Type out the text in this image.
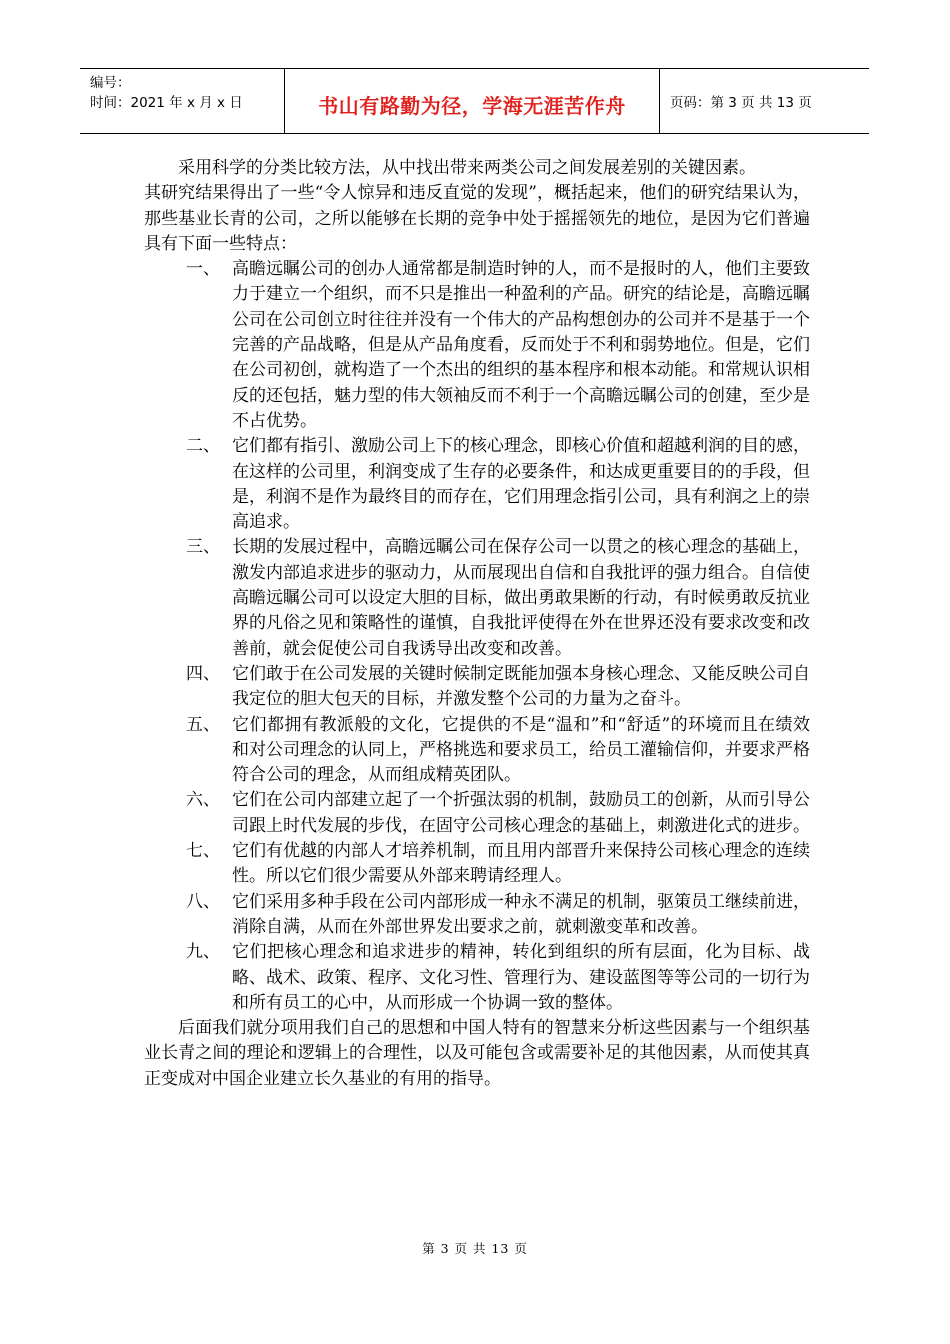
编号：
时间：2021 年 x 月 x 日	书山有路勤为径，学海无涯苦作舟	页码：第 3 页 共 13 页

采用科学的分类比较方法，从中找出带来两类公司之间发展差别的关键因素。

其研究结果得出了一些“令人惊异和违反直觉的发现”，概括起来，他们的研究结果认为，那些基业长青的公司，之所以能够在长期的竞争中处于摇摇领先的地位，是因为它们普遍具有下面一些特点：

一、 高瞻远瞩公司的创办人通常都是制造时钟的人，而不是报时的人，他们主要致力于建立一个组织，而不只是推出一种盈利的产品。研究的结论是，高瞻远瞩公司在公司创立时往往并没有一个伟大的产品构想创办的公司并不是基于一个完善的产品战略，但是从产品角度看，反而处于不利和弱势地位。但是，它们在公司初创，就构造了一个杰出的组织的基本程序和根本动能。和常规认识相反的还包括，魅力型的伟大领袖反而不利于一个高瞻远瞩公司的创建，至少是不占优势。
二、 它们都有指引、激励公司上下的核心理念，即核心价值和超越利润的目的感，在这样的公司里，利润变成了生存的必要条件，和达成更重要目的的手段，但是，利润不是作为最终目的而存在，它们用理念指引公司，具有利润之上的崇高追求。
三、 长期的发展过程中，高瞻远瞩公司在保存公司一以贯之的核心理念的基础上，激发内部追求进步的驱动力，从而展现出自信和自我批评的强力组合。自信使高瞻远瞩公司可以设定大胆的目标，做出勇敢果断的行动，有时候勇敢反抗业界的凡俗之见和策略性的谨慎，自我批评使得在外在世界还没有要求改变和改善前，就会促使公司自我诱导出改变和改善。
四、 它们敢于在公司发展的关键时候制定既能加强本身核心理念、又能反映公司自我定位的胆大包天的目标，并激发整个公司的力量为之奋斗。
五、 它们都拥有教派般的文化，它提供的不是“温和”和“舒适”的环境而且在绩效和对公司理念的认同上，严格挑选和要求员工，给员工灌输信仰，并要求严格符合公司的理念，从而组成精英团队。
六、 它们在公司内部建立起了一个折强汰弱的机制，鼓励员工的创新，从而引导公司跟上时代发展的步伐，在固守公司核心理念的基础上，刺激进化式的进步。
七、 它们有优越的内部人才培养机制，而且用内部晋升来保持公司核心理念的连续性。所以它们很少需要从外部来聘请经理人。
八、 它们采用多种手段在公司内部形成一种永不满足的机制，驱策员工继续前进，消除自满，从而在外部世界发出要求之前，就刺激变革和改善。
九、 它们把核心理念和追求进步的精神，转化到组织的所有层面，化为目标、战略、战术、政策、程序、文化习性、管理行为、建设蓝图等等公司的一切行为和所有员工的心中，从而形成一个协调一致的整体。

后面我们就分项用我们自己的思想和中国人特有的智慧来分析这些因素与一个组织基业长青之间的理论和逻辑上的合理性，以及可能包含或需要补足的其他因素，从而使其真正变成对中国企业建立长久基业的有用的指导。

第 3 页 共 13 页
